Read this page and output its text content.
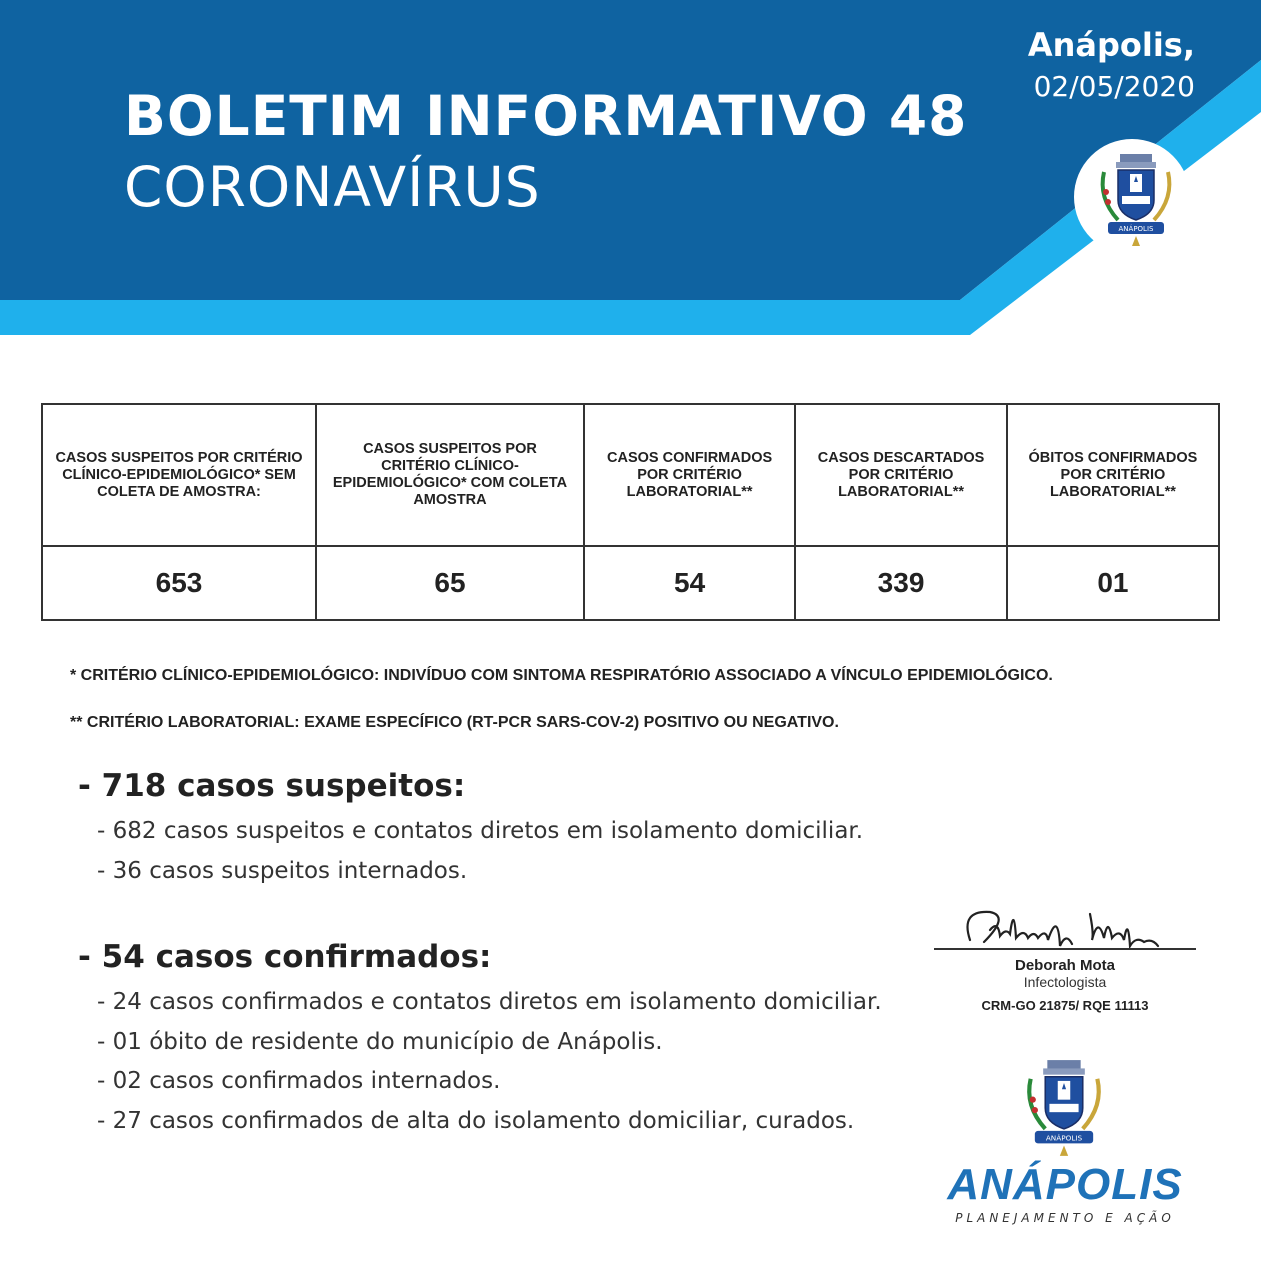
BOLETIM INFORMATIVO 48
CORONAVÍRUS
Anápolis,
02/05/2020
ANÁPOLIS
CASOS SUSPEITOS POR CRITÉRIO CLÍNICO-EPIDEMIOLÓGICO* SEM COLETA DE AMOSTRA:	CASOS SUSPEITOS POR CRITÉRIO CLÍNICO-EPIDEMIOLÓGICO* COM COLETA AMOSTRA	CASOS CONFIRMADOS POR CRITÉRIO LABORATORIAL**	CASOS DESCARTADOS POR CRITÉRIO LABORATORIAL**	ÓBITOS CONFIRMADOS POR CRITÉRIO LABORATORIAL**
653	65	54	339	01
* CRITÉRIO CLÍNICO-EPIDEMIOLÓGICO: INDIVÍDUO COM SINTOMA RESPIRATÓRIO ASSOCIADO A VÍNCULO EPIDEMIOLÓGICO.
** CRITÉRIO LABORATORIAL: EXAME ESPECÍFICO (RT-PCR SARS-COV-2) POSITIVO OU NEGATIVO.
- 718 casos suspeitos:
- 682 casos suspeitos e contatos diretos em isolamento domiciliar.
- 36 casos suspeitos internados.
- 54 casos confirmados:
- 24 casos confirmados e contatos diretos em isolamento domiciliar.
- 01 óbito de residente do município de Anápolis.
- 02 casos confirmados internados.
- 27 casos confirmados de alta do isolamento domiciliar, curados.
Deborah Mota
Infectologista
CRM-GO 21875/ RQE 11113
ANÁPOLIS
ANÁPOLIS
PLANEJAMENTO E AÇÃO
